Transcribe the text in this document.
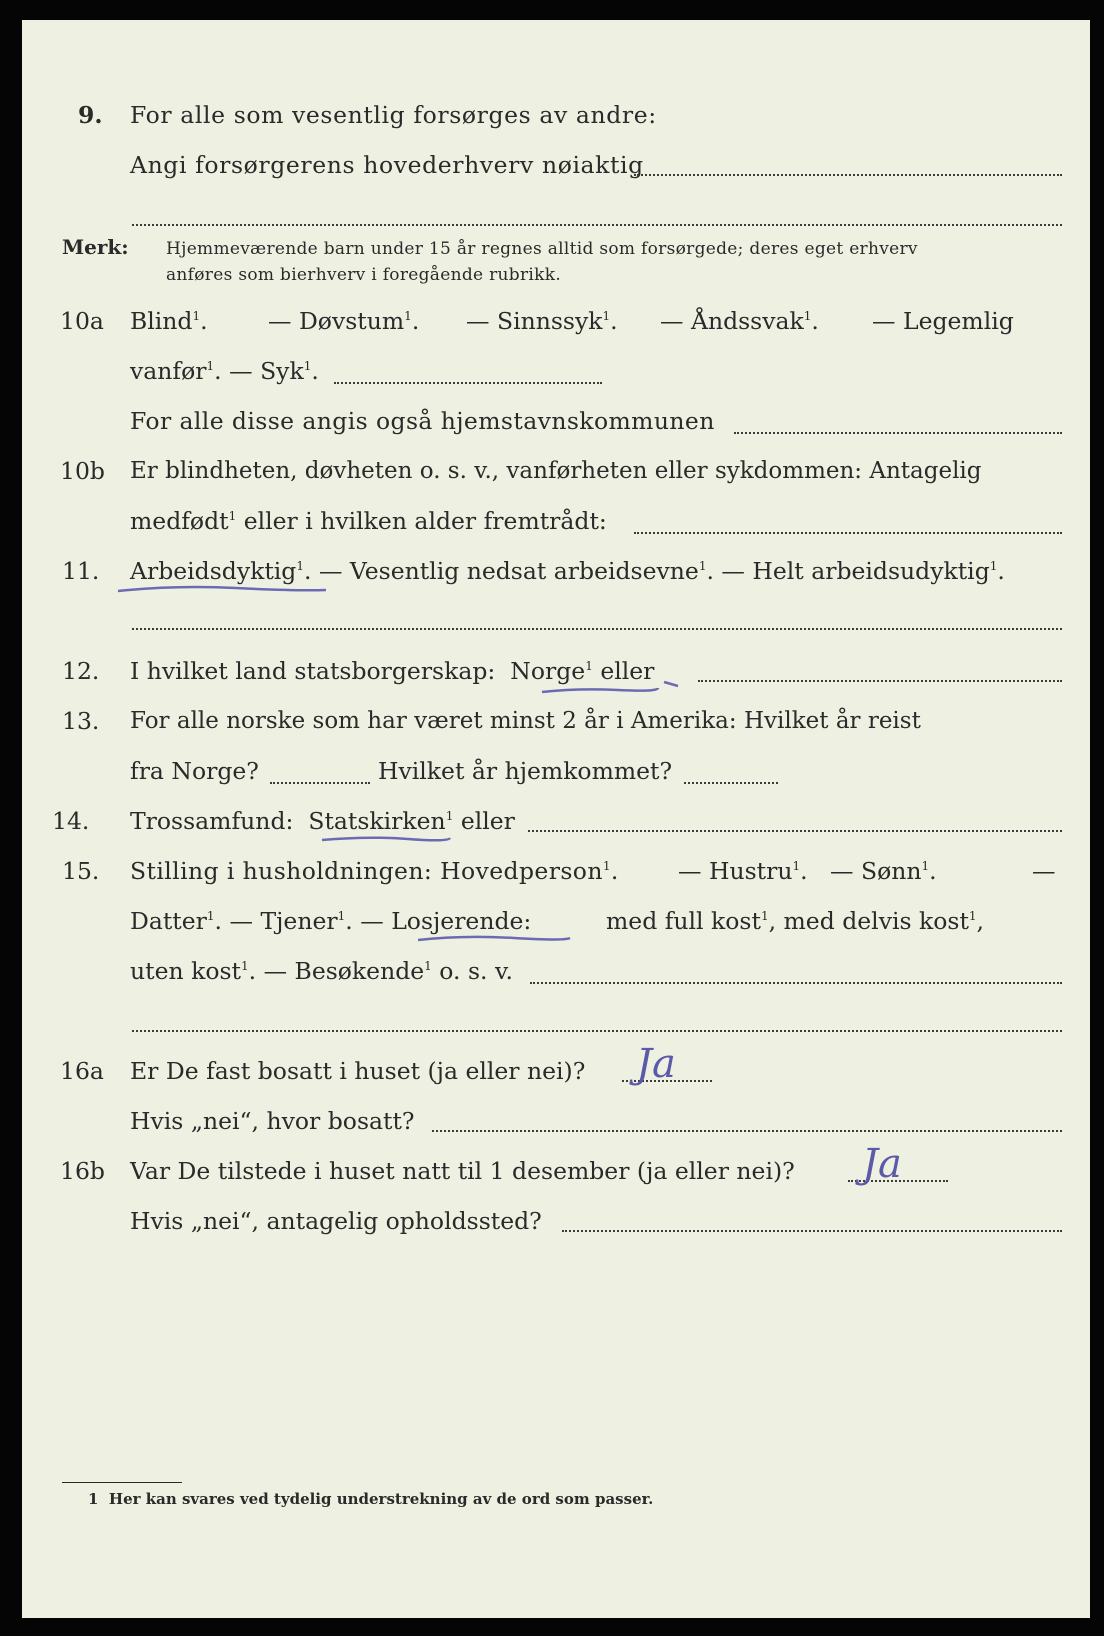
9. For alle som vesentlig forsørges av andre:
Angi forsørgerens hovederhverv nøiaktig
Merk: Hjemmeværende barn under 15 år regnes alltid som forsørgede; deres eget erhverv
anføres som bierhverv i foregående rubrikk.
10a Blind$^1$.	— Døvstum$^1$. — Sinnssyk$^1$. — Åndssvak$^1$. — Legemlig
vanfør$^1$. — Syk$^1$.
For alle disse angis også hjemstavnskommunen
10b Er blindheten, døvheten o. s. v., vanførheten eller sykdommen: Antagelig
medfødt$^1$ eller i hvilken alder fremtrådt:
11. Arbeidsdyktig$^1$. — Vesentlig nedsat arbeidsevne$^1$. — Helt arbeidsudyktig$^1$.
12. I hvilket land statsborgerskap: Norge$^1$ eller
13. For alle norske som har været minst 2 år i Amerika: Hvilket år reist
fra Norge?	Hvilket år hjemkommet?
14. Trossamfund: Statskirken$^1$ eller
15. Stilling i husholdningen: Hovedperson$^1$.	— Hustru$^1$. — Sønn$^1$.	—
Datter$^1$. — Tjener$^1$. — Losjerende:	med full kost$^1$, med delvis kost$^1$,
uten kost$^1$. — Besøkende$^1$ o. s. v.
16a Er De fast bosatt i huset (ja eller nei)? Ja
Hvis „nei“, hvor bosatt?
16b Var De tilstede i huset natt til 1 desember (ja eller nei)? Ja
Hvis „nei“, antagelig opholdssted?
1 Her kan svares ved tydelig understrekning av de ord som passer.
